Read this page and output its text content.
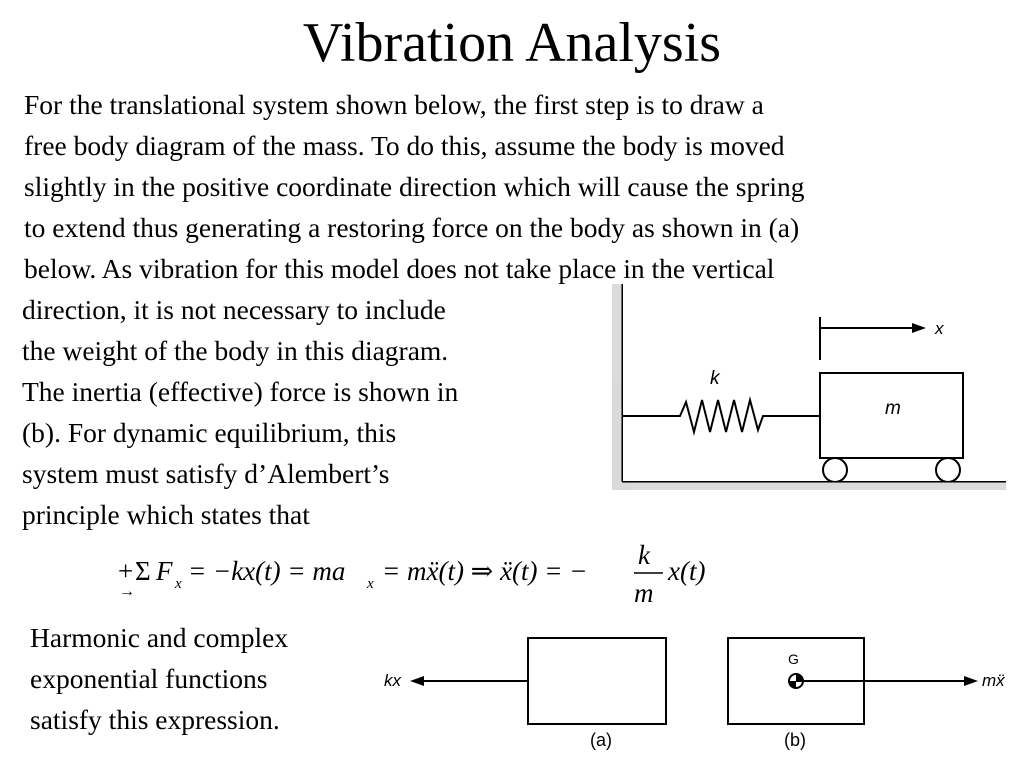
Vibration Analysis
For the translational system shown below, the first step is to draw a
free body diagram of the mass. To do this, assume the body is moved
slightly in the positive coordinate direction which will cause the spring
to extend thus generating a restoring force on the body as shown in (a)
below. As vibration for this model does not take place in the vertical
direction, it is not necessary to include
the weight of the body in this diagram.
The inertia (effective) force is shown in
(b). For dynamic equilibrium, this
system must satisfy d’Alembert’s
principle which states that
x
k
m
+
→
Σ F x = −kx(t) = ma x = mẍ(t) ⇒ ẍ(t) = −
k
m
x(t)
Harmonic and complex
exponential functions
satisfy this expression.
kx
(a)
G
mẍ
(b)
